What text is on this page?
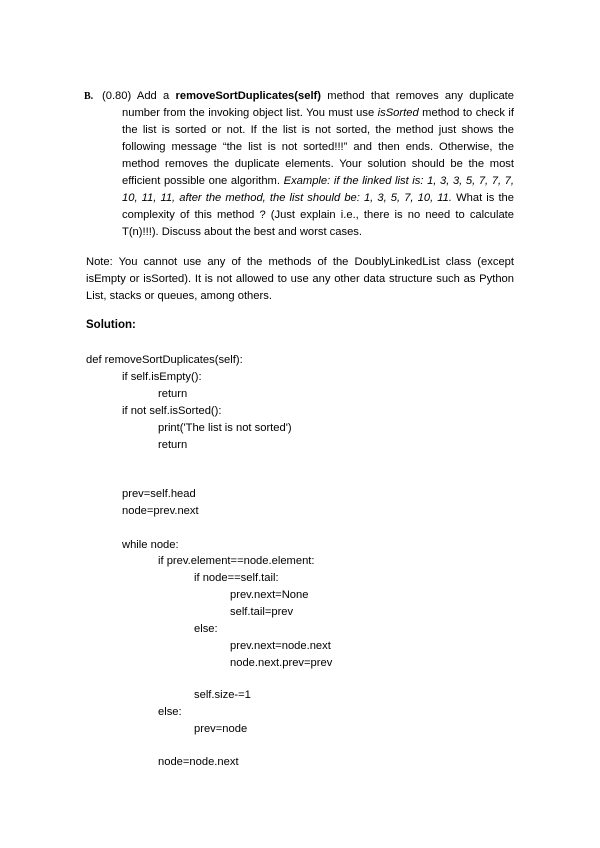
B. (0.80) Add a removeSortDuplicates(self) method that removes any duplicate number from the invoking object list. You must use isSorted method to check if the list is sorted or not. If the list is not sorted, the method just shows the following message “the list is not sorted!!!” and then ends. Otherwise, the method removes the duplicate elements. Your solution should be the most efficient possible one algorithm. Example: if the linked list is: 1, 3, 3, 5, 7, 7, 7, 10, 11, 11, after the method, the list should be: 1, 3, 5, 7, 10, 11. What is the complexity of this method ? (Just explain i.e., there is no need to calculate T(n)!!!). Discuss about the best and worst cases.
Note: You cannot use any of the methods of the DoublyLinkedList class (except isEmpty or isSorted). It is not allowed to use any other data structure such as Python List, stacks or queues, among others.
Solution:
def removeSortDuplicates(self):
if self.isEmpty():
return
if not self.isSorted():
print('The list is not sorted')
return
prev=self.head
node=prev.next
while node:
if prev.element==node.element:
if node==self.tail:
prev.next=None
self.tail=prev
else:
prev.next=node.next
node.next.prev=prev
self.size-=1
else:
prev=node
node=node.next
